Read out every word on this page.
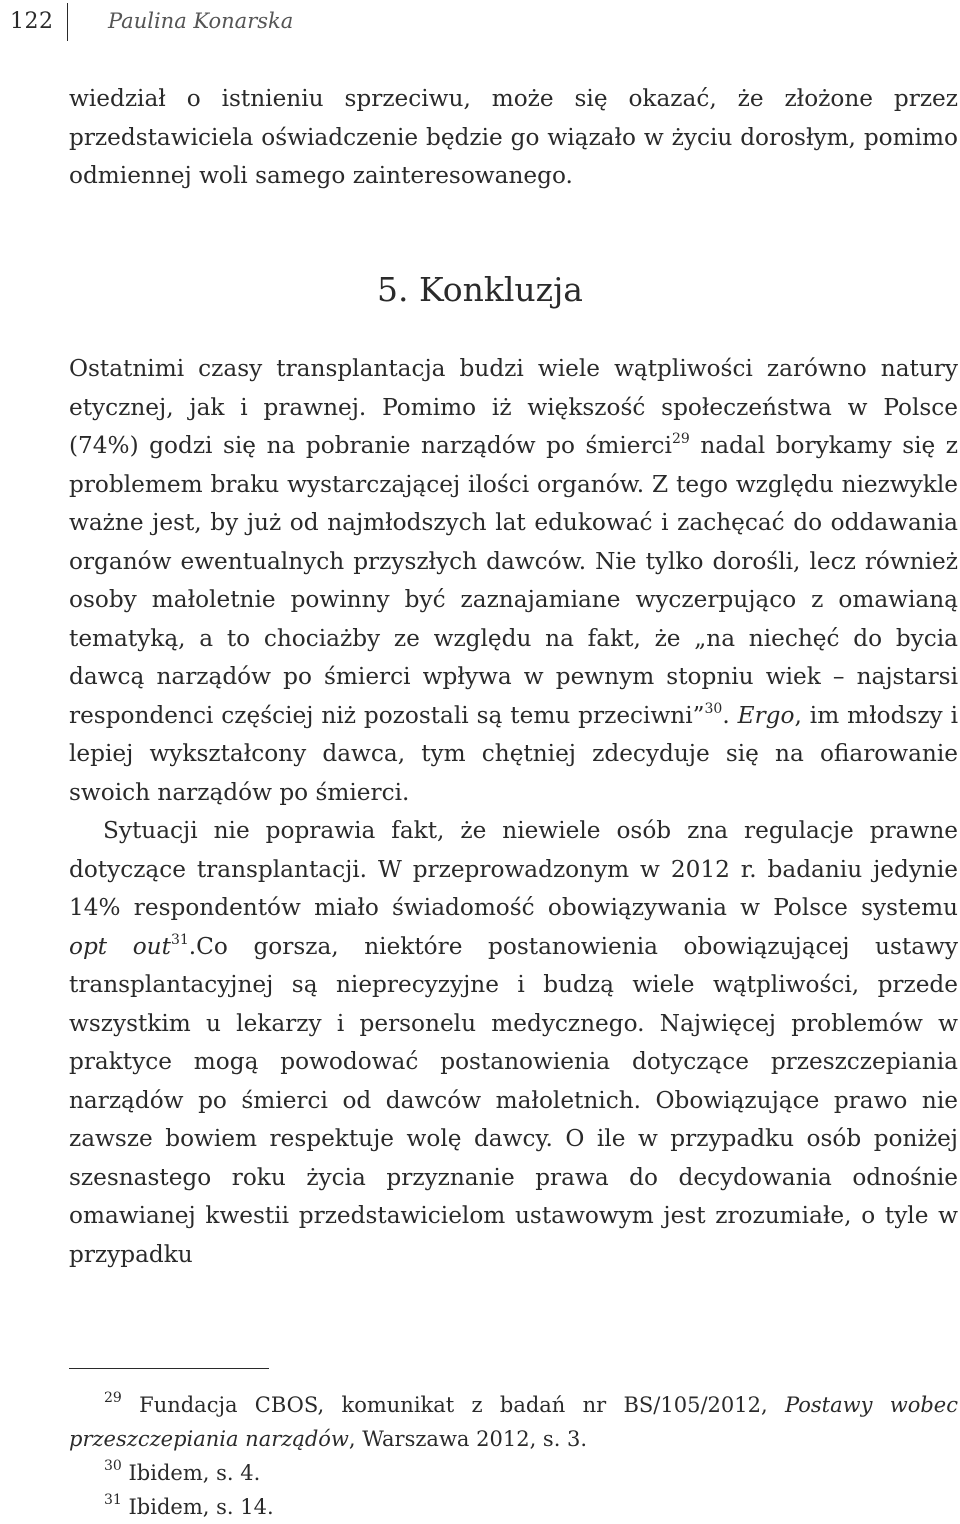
122	Paulina Konarska

wiedział o istnieniu sprzeciwu, może się okazać, że złożone przez przedstawiciela oświadczenie będzie go wiązało w życiu dorosłym, pomimo odmiennej woli samego zainteresowanego.

5. Konkluzja

Ostatnimi czasy transplantacja budzi wiele wątpliwości zarówno natury etycznej, jak i prawnej. Pomimo iż większość społeczeństwa w Polsce (74%) godzi się na pobranie narządów po śmierci$^{29}$ nadal borykamy się z problemem braku wystarczającej ilości organów. Z tego względu niezwykle ważne jest, by już od najmłodszych lat edukować i zachęcać do oddawania organów ewentualnych przyszłych dawców. Nie tylko dorośli, lecz również osoby małoletnie powinny być zaznajamiane wyczerpująco z omawianą tematyką, a to chociażby ze względu na fakt, że „na niechęć do bycia dawcą narządów po śmierci wpływa w pewnym stopniu wiek – najstarsi respondenci częściej niż pozostali są temu przeciwni”$^{30}$. Ergo, im młodszy i lepiej wykształcony dawca, tym chętniej zdecyduje się na ofiarowanie swoich narządów po śmierci.

Sytuacji nie poprawia fakt, że niewiele osób zna regulacje prawne dotyczące transplantacji. W przeprowadzonym w 2012 r. badaniu jedynie 14% respondentów miało świadomość obowiązywania w Polsce systemu opt out$^{31}$.Co gorsza, niektóre postanowienia obowiązującej ustawy transplantacyjnej są nieprecyzyjne i budzą wiele wątpliwości, przede wszystkim u lekarzy i personelu medycznego. Najwięcej problemów w praktyce mogą powodować postanowienia dotyczące przeszczepiania narządów po śmierci od dawców małoletnich. Obowiązujące prawo nie zawsze bowiem respektuje wolę dawcy. O ile w przypadku osób poniżej szesnastego roku życia przyznanie prawa do decydowania odnośnie omawianej kwestii przedstawicielom ustawowym jest zrozumiałe, o tyle w przypadku

$^{29}$ Fundacja CBOS, komunikat z badań nr BS/105/2012, Postawy wobec przeszczepiania narządów, Warszawa 2012, s. 3.

$^{30}$ Ibidem, s. 4.

$^{31}$ Ibidem, s. 14.
